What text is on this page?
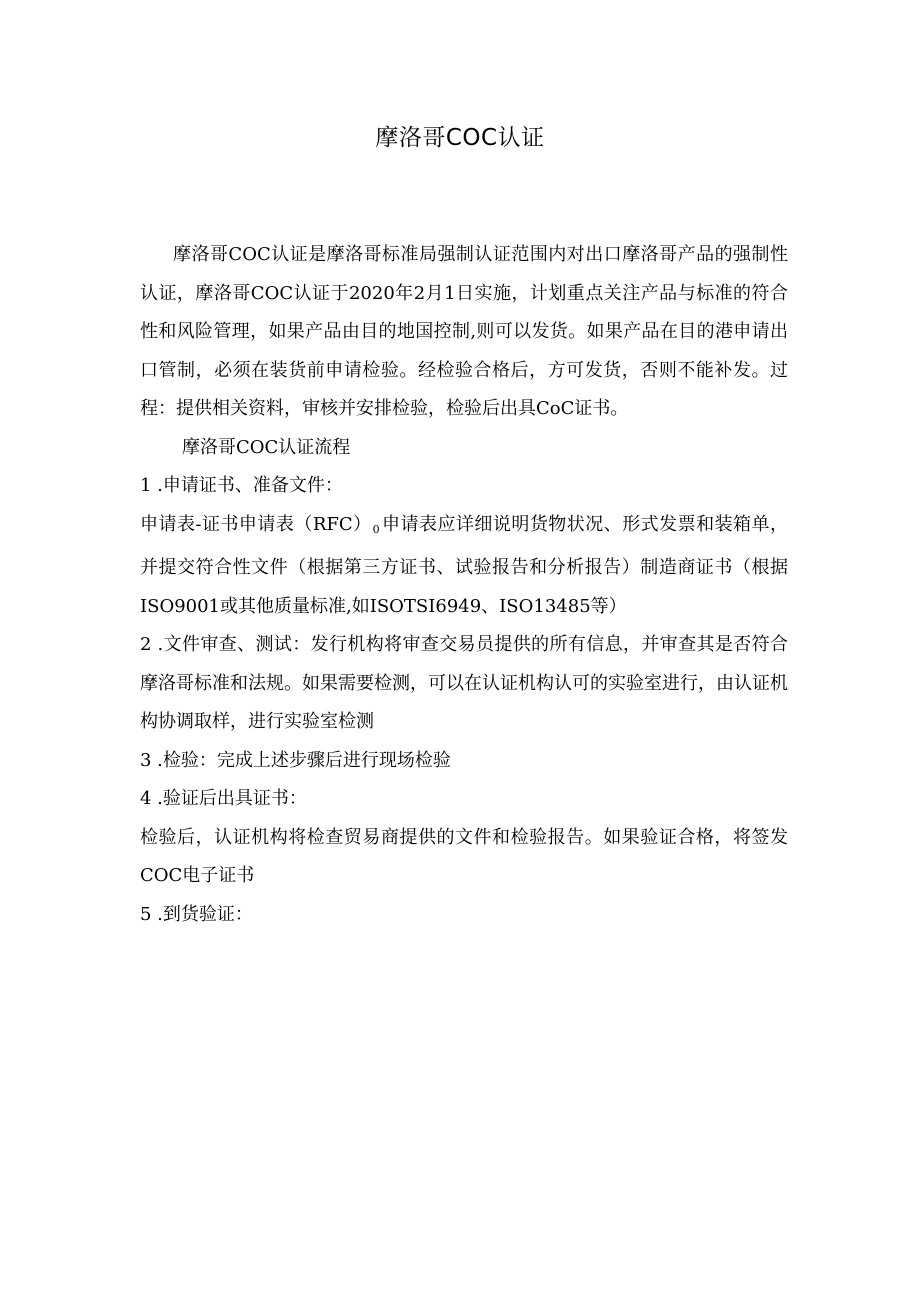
摩洛哥COC认证

摩洛哥COC认证是摩洛哥标准局强制认证范围内对出口摩洛哥产品的强制性认证，摩洛哥COC认证于2020年2月1日实施，计划重点关注产品与标准的符合性和风险管理，如果产品由目的地国控制,则可以发货。如果产品在目的港申请出口管制，必须在装货前申请检验。经检验合格后，方可发货，否则不能补发。过程：提供相关资料，审核并安排检验，检验后出具CoC证书。

摩洛哥COC认证流程

1 .申请证书、准备文件：

申请表-证书申请表$(RFC)_0$ 申请表应详细说明货物状况、形式发票和装箱单，并提交符合性文件（根据第三方证书、试验报告和分析报告）制造商证书（根据ISO9001或其他质量标准,如ISOTSI6949、ISO13485等）

2 .文件审查、测试：发行机构将审查交易员提供的所有信息，并审查其是否符合摩洛哥标准和法规。如果需要检测，可以在认证机构认可的实验室进行，由认证机构协调取样，进行实验室检测

3 .检验：完成上述步骤后进行现场检验

4 .验证后出具证书：

检验后，认证机构将检查贸易商提供的文件和检验报告。如果验证合格，将签发COC电子证书

5 .到货验证：
